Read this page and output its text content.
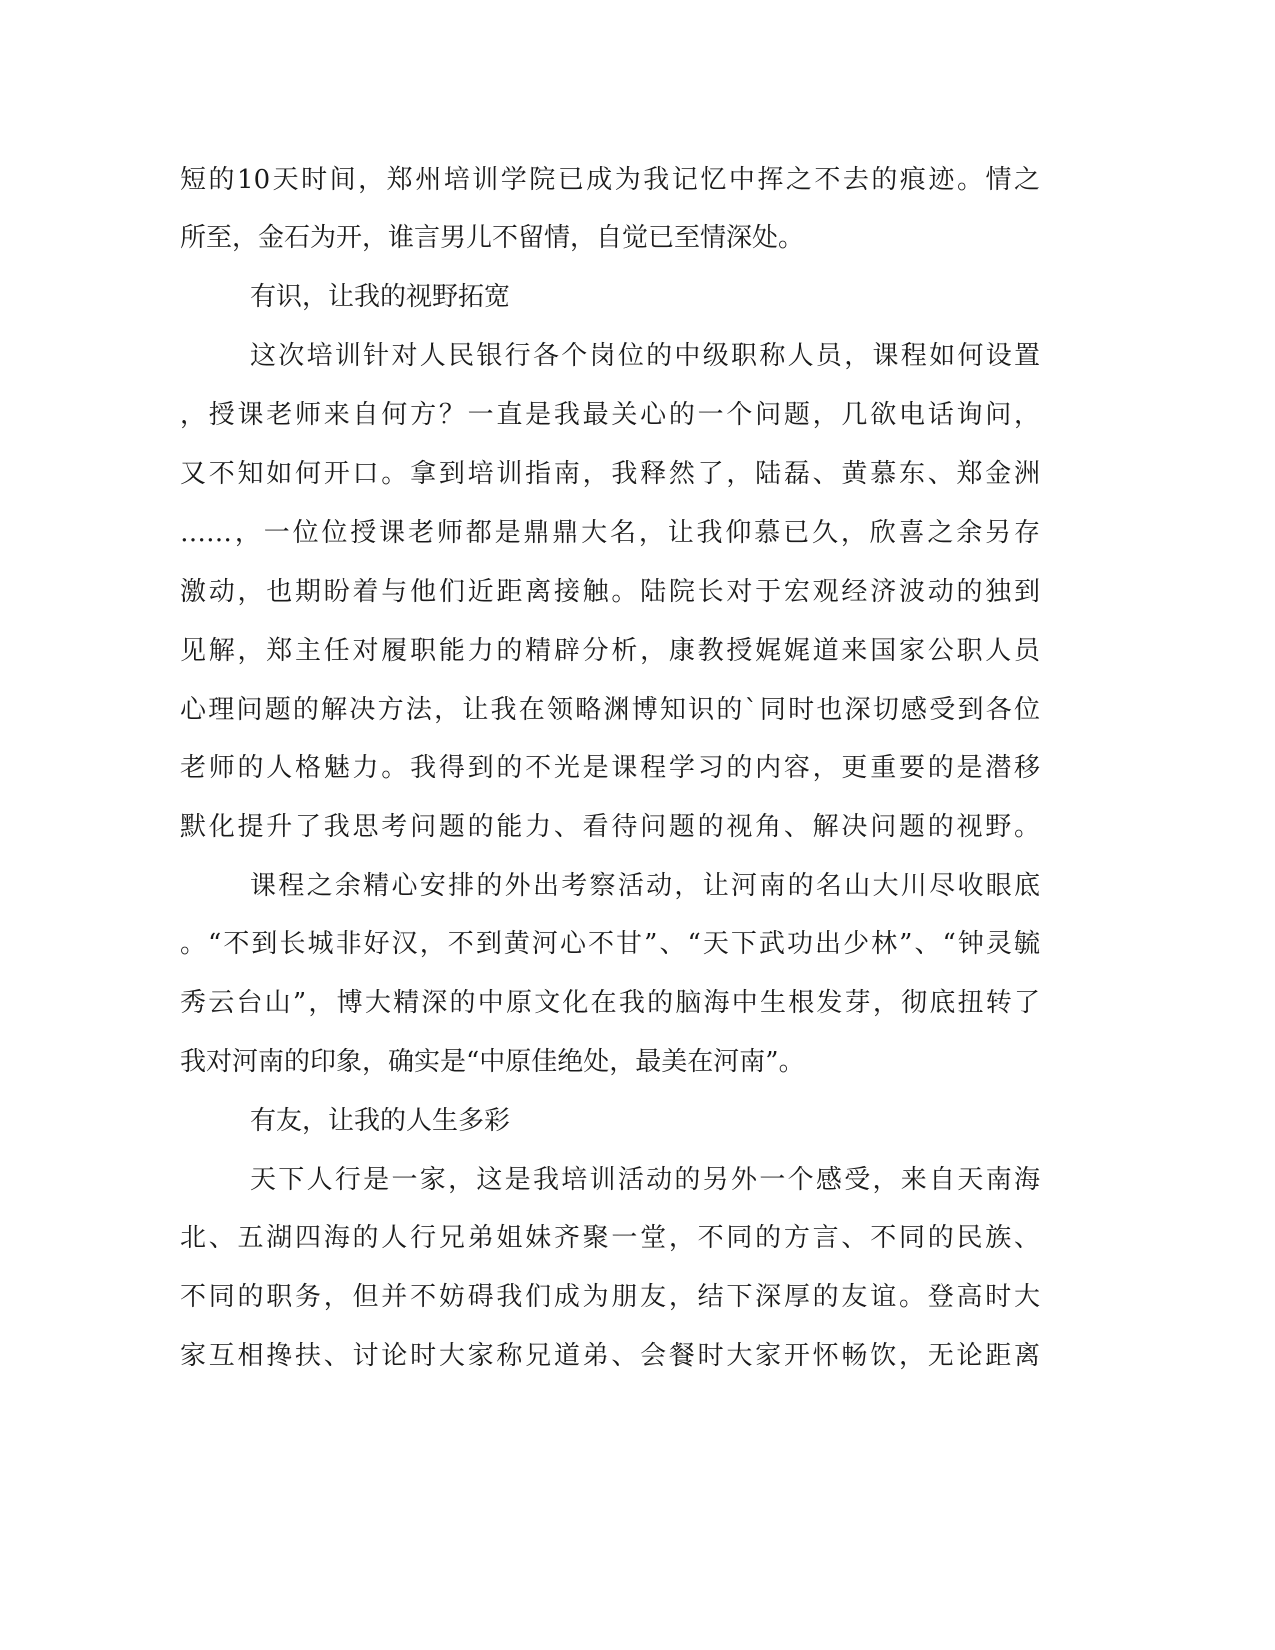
短的10天时间，郑州培训学院已成为我记忆中挥之不去的痕迹。情之
所至，金石为开，谁言男儿不留情，自觉已至情深处。
有识，让我的视野拓宽
这次培训针对人民银行各个岗位的中级职称人员，课程如何设置
，授课老师来自何方？一直是我最关心的一个问题，几欲电话询问，
又不知如何开口。拿到培训指南，我释然了，陆磊、黄慕东、郑金洲
……，一位位授课老师都是鼎鼎大名，让我仰慕已久，欣喜之余另存
激动，也期盼着与他们近距离接触。陆院长对于宏观经济波动的独到
见解，郑主任对履职能力的精辟分析，康教授娓娓道来国家公职人员
心理问题的解决方法，让我在领略渊博知识的`同时也深切感受到各位
老师的人格魅力。我得到的不光是课程学习的内容，更重要的是潜移
默化提升了我思考问题的能力、看待问题的视角、解决问题的视野。
课程之余精心安排的外出考察活动，让河南的名山大川尽收眼底
。“不到长城非好汉，不到黄河心不甘”、“天下武功出少林”、“钟灵毓
秀云台山”，博大精深的中原文化在我的脑海中生根发芽，彻底扭转了
我对河南的印象，确实是“中原佳绝处，最美在河南”。
有友，让我的人生多彩
天下人行是一家，这是我培训活动的另外一个感受，来自天南海
北、五湖四海的人行兄弟姐妹齐聚一堂，不同的方言、不同的民族、
不同的职务，但并不妨碍我们成为朋友，结下深厚的友谊。登高时大
家互相搀扶、讨论时大家称兄道弟、会餐时大家开怀畅饮，无论距离
